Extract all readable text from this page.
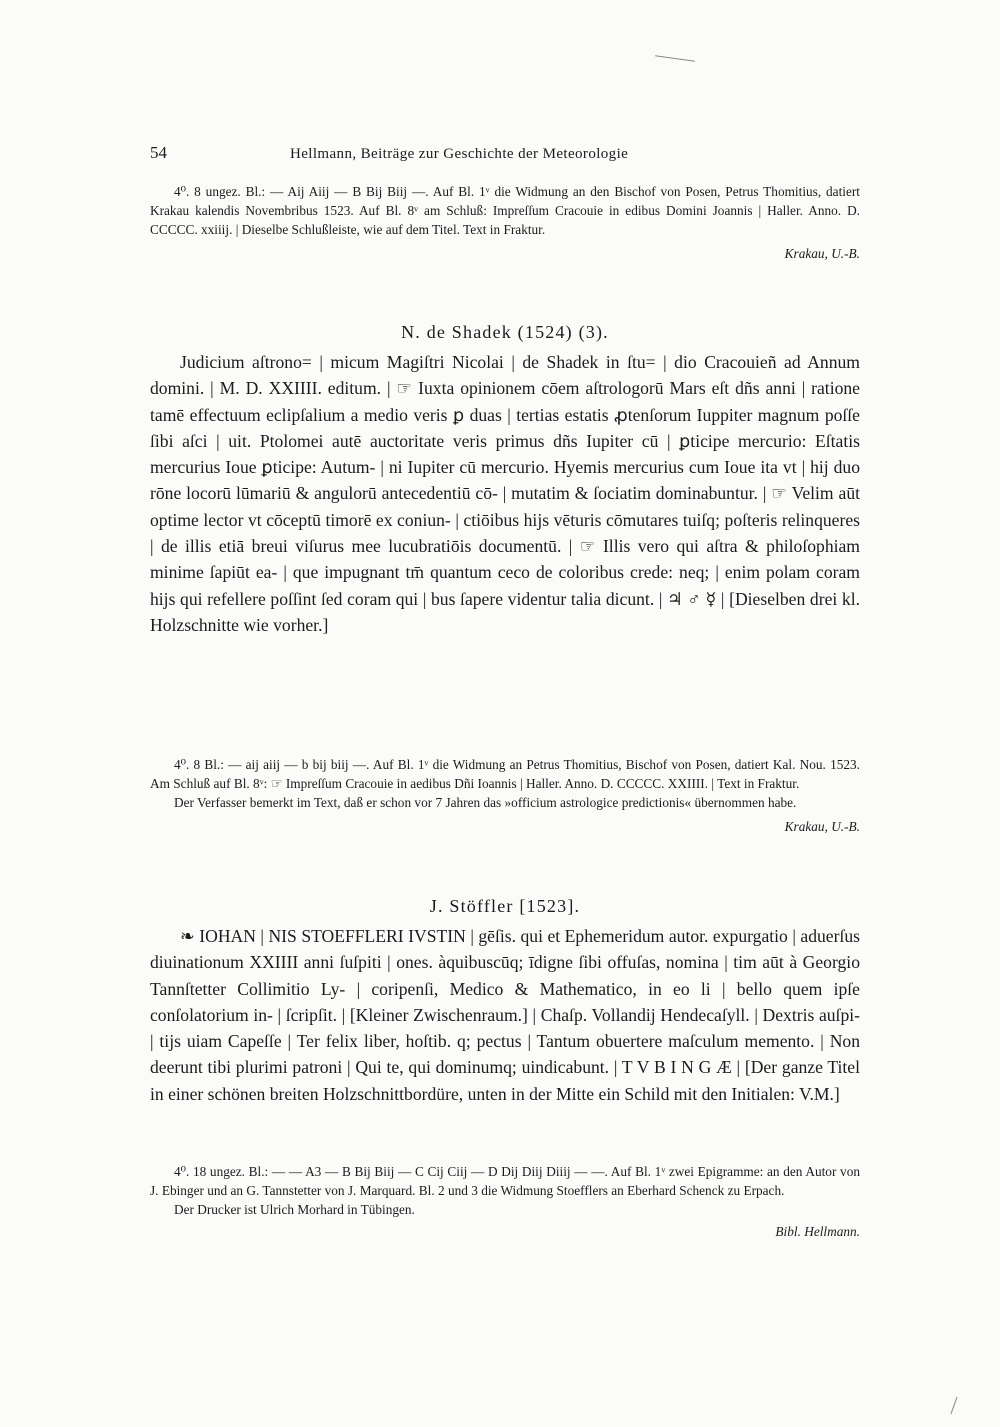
54	Hellmann, Beiträge zur Geschichte der Meteorologie

4⁰. 8 ungez. Bl.: — Aij Aiij — B Bij Biij —. Auf Bl. 1ᵛ die Widmung an den Bischof von Posen, Petrus Thomitius, datiert Krakau kalendis Novembribus 1523. Auf Bl. 8ᵛ am Schluß: Impreſſum Cracouie in edibus Domini Joannis | Haller. Anno. D. CCCCC. xxiiij. | Dieselbe Schlußleiste, wie auf dem Titel. Text in Fraktur.

Krakau, U.-B.
N. de Shadek (1524) (3).

Judicium aſtrono= | micum Magiſtri Nicolai | de Shadek in ſtu= | dio Cracouieñ ad Annum domini. | M. D. XXIIII. editum. | ☞ Iuxta opinionem cōem aſtrologorū Mars eſt dñs anni | ratione tamē effectuum eclipſalium a medio veris ꝑ duas | tertias estatis ꝓtenſorum Iuppiter magnum poſſe ſibi aſci | uit. Ptolomei autē auctoritate veris primus dñs Iupiter cū | ꝑticipe mercurio: Eſtatis mercurius Ioue ꝑticipe: Autum- | ni Iupiter cū mercurio. Hyemis mercurius cum Ioue ita vt | hij duo rōne locorū lūmariū & angulorū antecedentiū cō- | mutatim & ſociatim dominabuntur. | ☞ Velim aūt optime lector vt cōceptū timorē ex coniun- | ctiōibus hijs vēturis cōmutares tuiſq; poſteris relinqueres | de illis etiā breui viſurus mee lucubratiōis documentū. | ☞ Illis vero qui aſtra & philoſophiam minime ſapiūt ea- | que impugnant tm̄ quantum ceco de coloribus crede: neq; | enim polam coram hijs qui refellere poſſint ſed coram qui | bus ſapere videntur talia dicunt. | ♃ ♂ ☿ | [Dieselben drei kl. Holzschnitte wie vorher.]

4⁰. 8 Bl.: — aij aiij — b bij biij —. Auf Bl. 1ᵛ die Widmung an Petrus Thomitius, Bischof von Posen, datiert Kal. Nou. 1523. Am Schluß auf Bl. 8ᵛ: ☞ Impreſſum Cracouie in aedibus Dñi Ioannis | Haller. Anno. D. CCCCC. XXIIII. | Text in Fraktur.

Der Verfasser bemerkt im Text, daß er schon vor 7 Jahren das »officium astrologice predictionis« übernommen habe.

Krakau, U.-B.
J. Stöffler [1523].

❧ IOHAN | NIS STOEFFLERI IVSTIN | gēſis. qui et Ephemeridum autor. expurgatio | aduerſus diuinationum XXIIII anni ſuſpiti | ones. àquibuscūq; īdigne ſibi offuſas, nomina | tim aūt à Georgio Tannſtetter Collimitio Ly- | coripenſi, Medico & Mathematico, in eo li | bello quem ipſe conſolatorium in- | ſcripſit. | [Kleiner Zwischenraum.] | Chaſp. Vollandij Hendecaſyll. | Dextris auſpi- | tijs uiam Capeſſe | Ter felix liber, hoſtib. q; pectus | Tantum obuertere maſculum memento. | Non deerunt tibi plurimi patroni | Qui te, qui dominumq; uindicabunt. | T V B I N G Æ | [Der ganze Titel in einer schönen breiten Holzschnittbordüre, unten in der Mitte ein Schild mit den Initialen: V.M.]

4⁰. 18 ungez. Bl.: — — A3 — B Bij Biij — C Cij Ciij — D Dij Diij Diiij — —. Auf Bl. 1ᵛ zwei Epigramme: an den Autor von J. Ebinger und an G. Tannstetter von J. Marquard. Bl. 2 und 3 die Widmung Stoefflers an Eberhard Schenck zu Erpach.

Der Drucker ist Ulrich Morhard in Tübingen.

Bibl. Hellmann.
